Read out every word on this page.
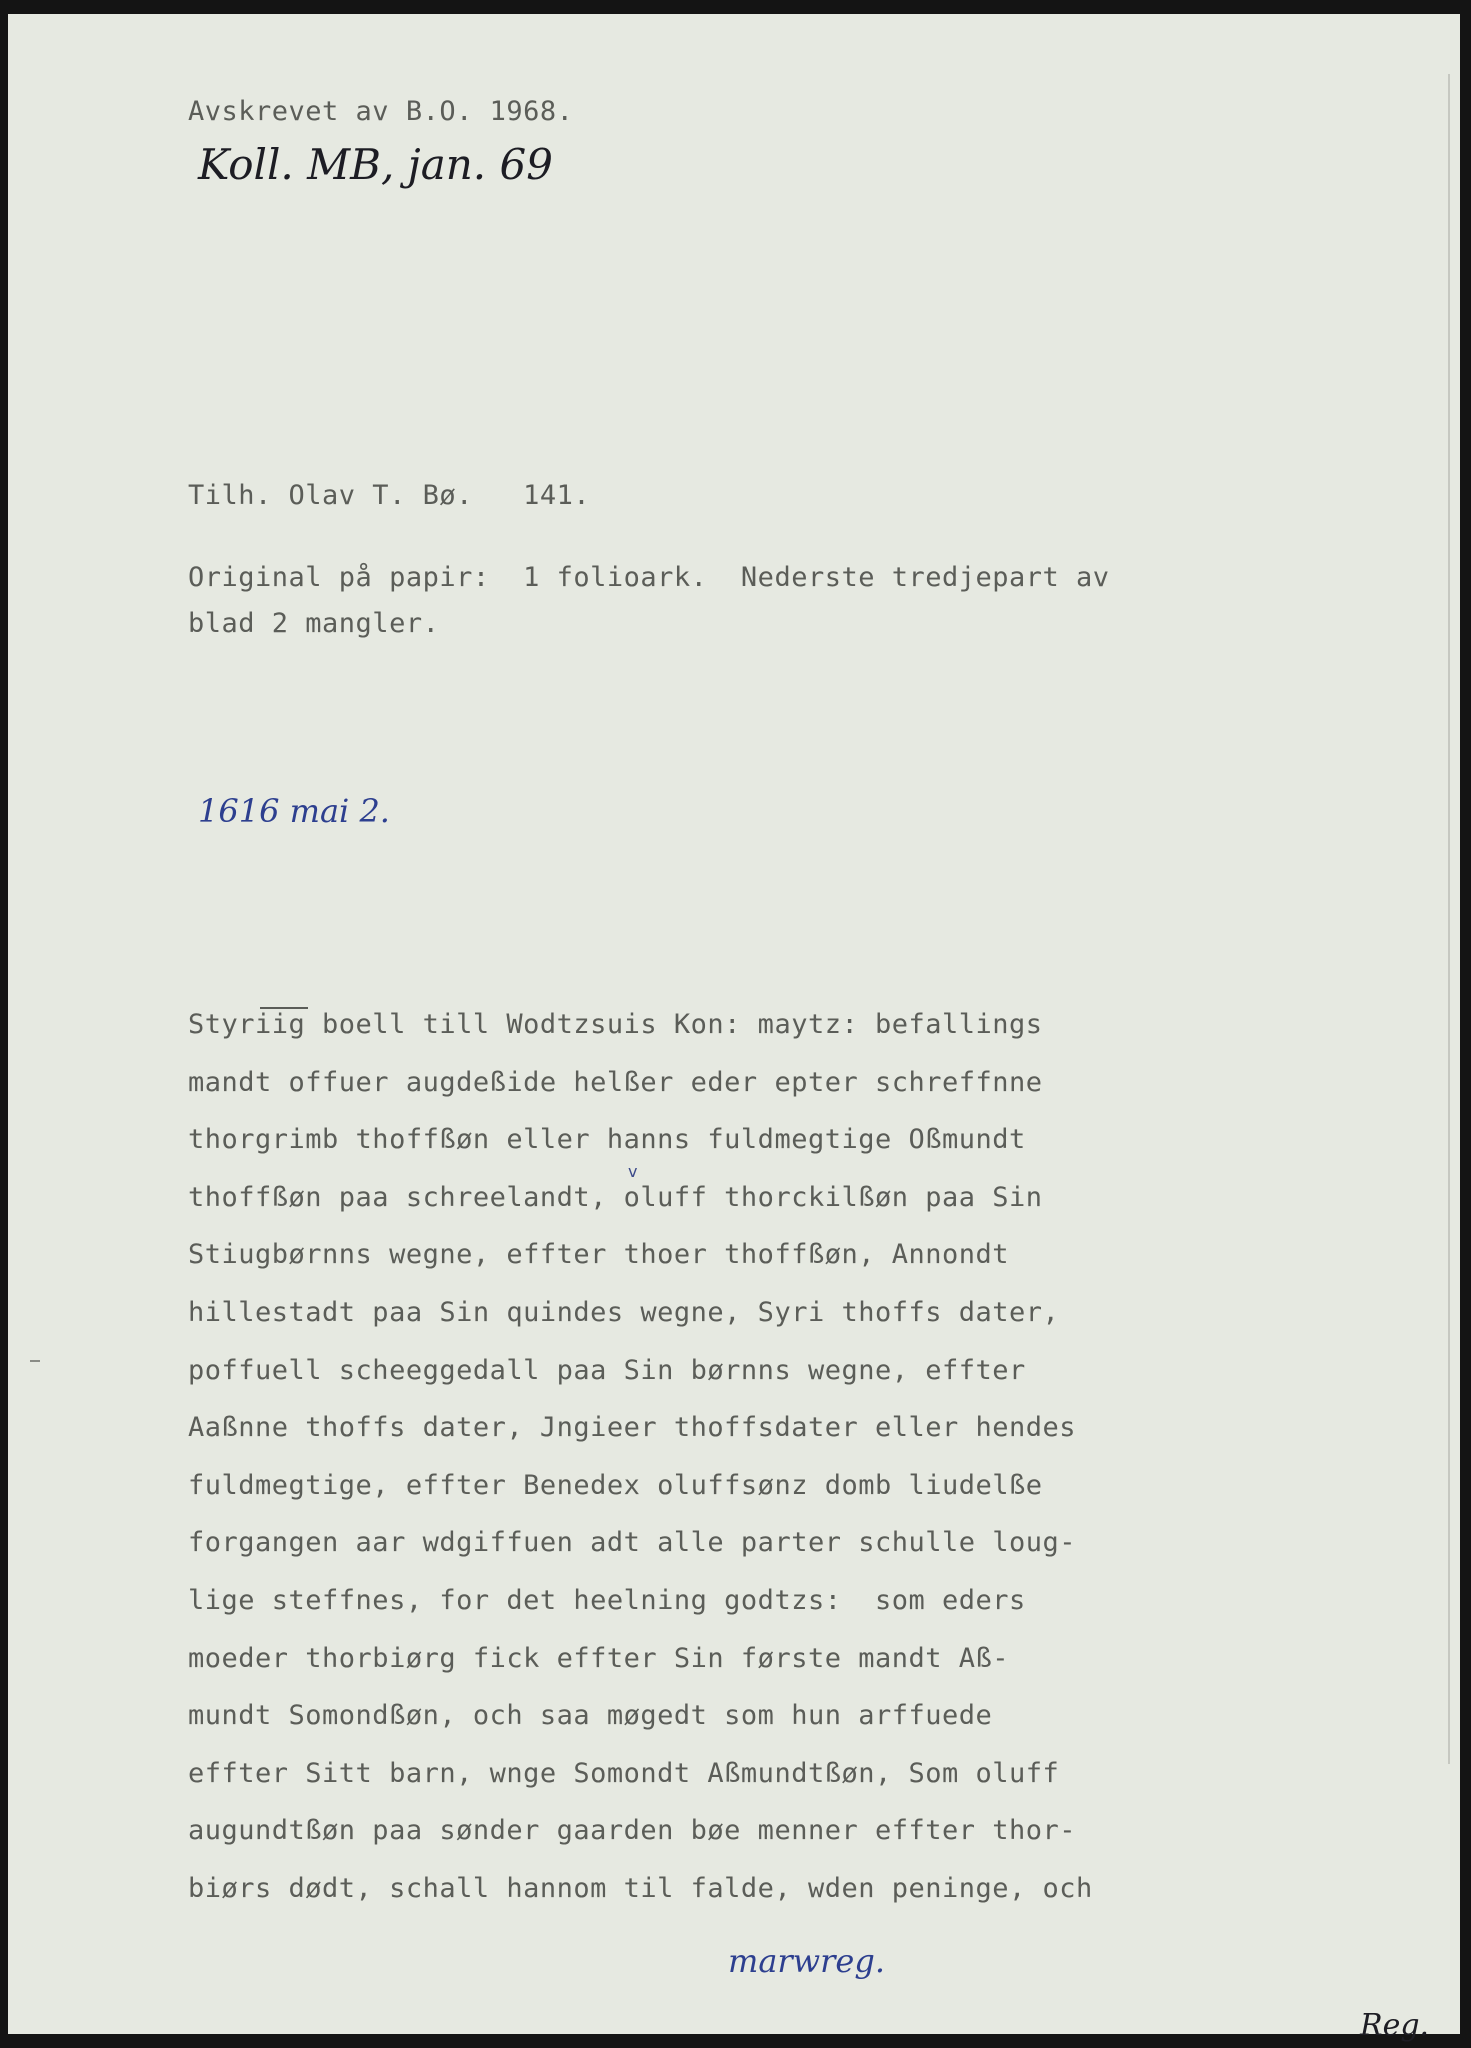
Avskrevet av B.O. 1968.

Koll. MB, jan. 69

Tilh. Olav T. Bø.   141.

Original på papir:  1 folioark.  Nederste tredjepart av

blad 2 mangler.

1616 mai 2.

v
Styriig boell till Wodtzsuis Kon: maytz: befallings
mandt offuer augdeßide helßer eder epter schreffnne
thorgrimb thoffßøn eller hanns fuldmegtige Oßmundt
thoffßøn paa schreelandt, oluff thorckilßøn paa Sin
Stiugbørnns wegne, effter thoer thoffßøn, Annondt
hillestadt paa Sin quindes wegne, Syri thoffs dater,
poffuell scheeggedall paa Sin børnns wegne, effter
Aaßnne thoffs dater, Jngieer thoffsdater eller hendes
fuldmegtige, effter Benedex oluffsønz domb liudelße
forgangen aar wdgiffuen adt alle parter schulle loug-
lige steffnes, for det heelning godtzs:  som eders
moeder thorbiørg fick effter Sin første mandt Aß-
mundt Somondßøn, och saa møgedt som hun arffuede
effter Sitt barn, wnge Somondt Aßmundtßøn, Som oluff
augundtßøn paa sønder gaarden bøe menner effter thor-
biørs dødt, schall hannom til falde, wden peninge, och

marwreg.

Reg.
